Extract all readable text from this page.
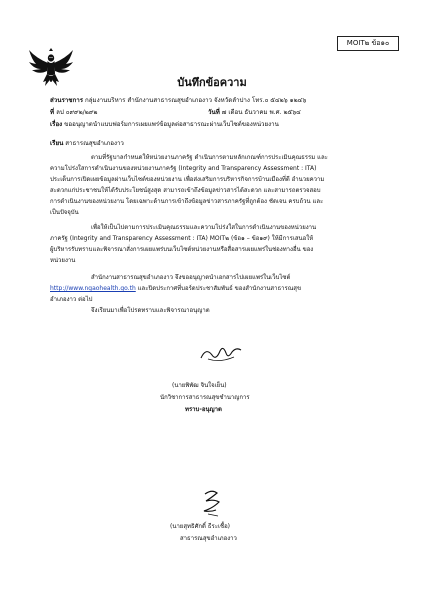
MOIT๒ ข้อ๑๐
บันทึกข้อความ
ส่วนราชการ กลุ่มงานบริหาร สำนักงานสาธารณสุขอำเภองาว จังหวัดลำปาง โทร.๐ ๕๔๒๖ ๑๒๔๖
ที่ ลป ๐๙๙๒/๒๙๒	วันที่ ๗ เดือน ธันวาคม พ.ศ. ๒๕๖๔
เรื่อง ขออนุญาตนำแบบฟอร์มการเผยแพร่ข้อมูลต่อสาธารณะผ่านเว็บไซต์ของหน่วยงาน
เรียน สาธารณสุขอำเภองาว
ตามที่รัฐบาลกำหนดให้หน่วยงานภาครัฐ ดำเนินการตามหลักเกณฑ์การประเมินคุณธรรม และ
ความโปร่งใสการดำเนินงานของหน่วยงานภาครัฐ (Integrity and Transparency Assessment : ITA)
ประเด็นการเปิดเผยข้อมูลผ่านเว็บไซต์ของหน่วยงาน เพื่อส่งเสริมการบริหารกิจการบ้านเมืองที่ดี อำนวยความ
สะดวกแก่ประชาชนให้ได้รับประโยชน์สูงสุด สามารถเข้าถึงข้อมูลข่าวสารได้สะดวก และสามารถตรวจสอบ
การดำเนินงานของหน่วยงาน โดยเฉพาะด้านการเข้าถึงข้อมูลข่าวสารภาครัฐที่ถูกต้อง ชัดเจน ครบถ้วน และ
เป็นปัจจุบัน
เพื่อให้เป็นไปตามการประเมินคุณธรรมและความโปร่งใสในการดำเนินงานของหน่วยงาน
ภาครัฐ (Integrity and Transparency Assessment : ITA) MOIT๒ (ข้อ๑ – ข้อ๑๙) ให้มีการเสนอให้
ผู้บริหารรับทราบและพิจารณาสั่งการเผยแพร่บนเว็บไซต์หน่วยงานหรือสื่อสารเผยแพร่ในช่องทางอื่น ของ
หน่วยงาน
สำนักงานสาธารณสุขอำเภองาว จึงขออนุญาตนำเอกสารไปเผยแพร่ในเว็บไซต์
http://www.ngaohealth.go.th และปิดประกาศที่บอร์ดประชาสัมพันธ์ ของสำนักงานสาธารณสุข
อำเภองาว ต่อไป
จึงเรียนมาเพื่อโปรดทราบและพิจารณาอนุญาต
(นายพิพัฒ จินใจเย็น)
นักวิชาการสาธารณสุขชำนาญการ
ทราบ-อนุญาต
(นายสุทธิศักดิ์ ธีระเชื้อ)
สาธารณสุขอำเภองาว
